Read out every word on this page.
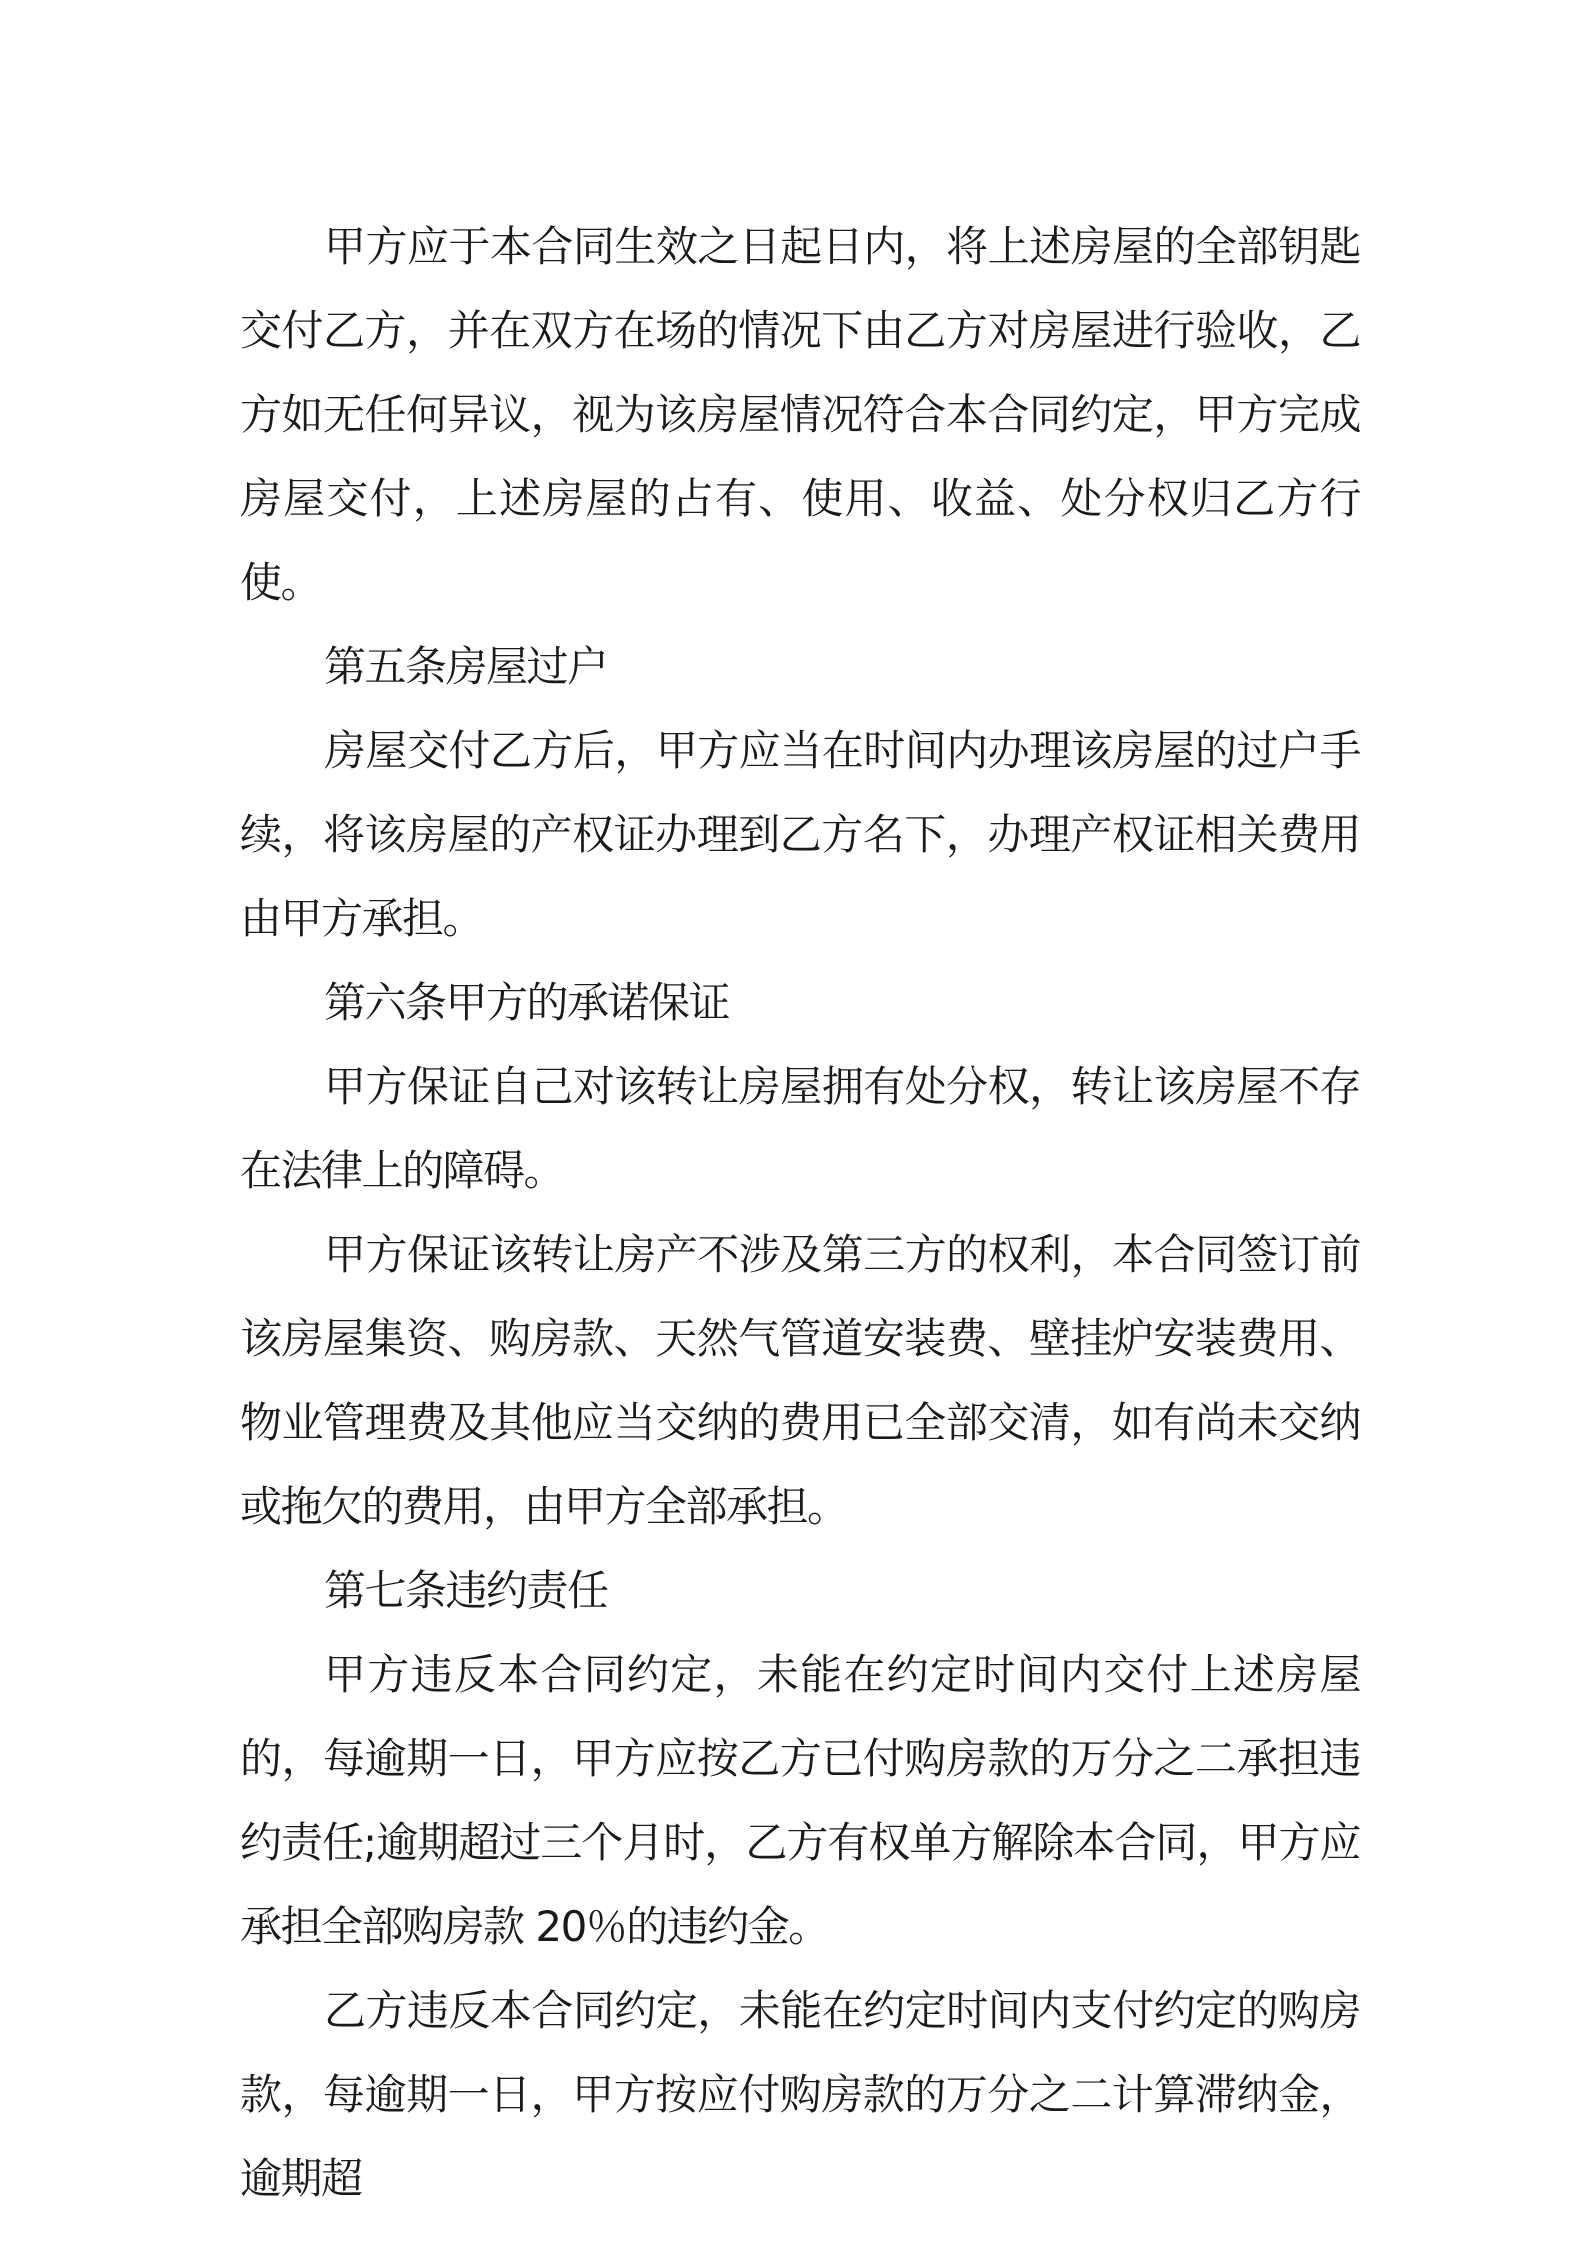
甲方应于本合同生效之日起日内，将上述房屋的全部钥匙交付乙方，并在双方在场的情况下由乙方对房屋进行验收，乙方如无任何异议，视为该房屋情况符合本合同约定，甲方完成房屋交付，上述房屋的占有、使用、收益、处分权归乙方行使。

第五条房屋过户

房屋交付乙方后，甲方应当在时间内办理该房屋的过户手续，将该房屋的产权证办理到乙方名下，办理产权证相关费用由甲方承担。

第六条甲方的承诺保证

甲方保证自己对该转让房屋拥有处分权，转让该房屋不存在法律上的障碍。

甲方保证该转让房产不涉及第三方的权利，本合同签订前该房屋集资、购房款、天然气管道安装费、壁挂炉安装费用、物业管理费及其他应当交纳的费用已全部交清，如有尚未交纳或拖欠的费用，由甲方全部承担。

第七条违约责任

甲方违反本合同约定，未能在约定时间内交付上述房屋的，每逾期一日，甲方应按乙方已付购房款的万分之二承担违约责任;逾期超过三个月时，乙方有权单方解除本合同，甲方应承担全部购房款 20％的违约金。

乙方违反本合同约定，未能在约定时间内支付约定的购房款，每逾期一日，甲方按应付购房款的万分之二计算滞纳金，逾期超
